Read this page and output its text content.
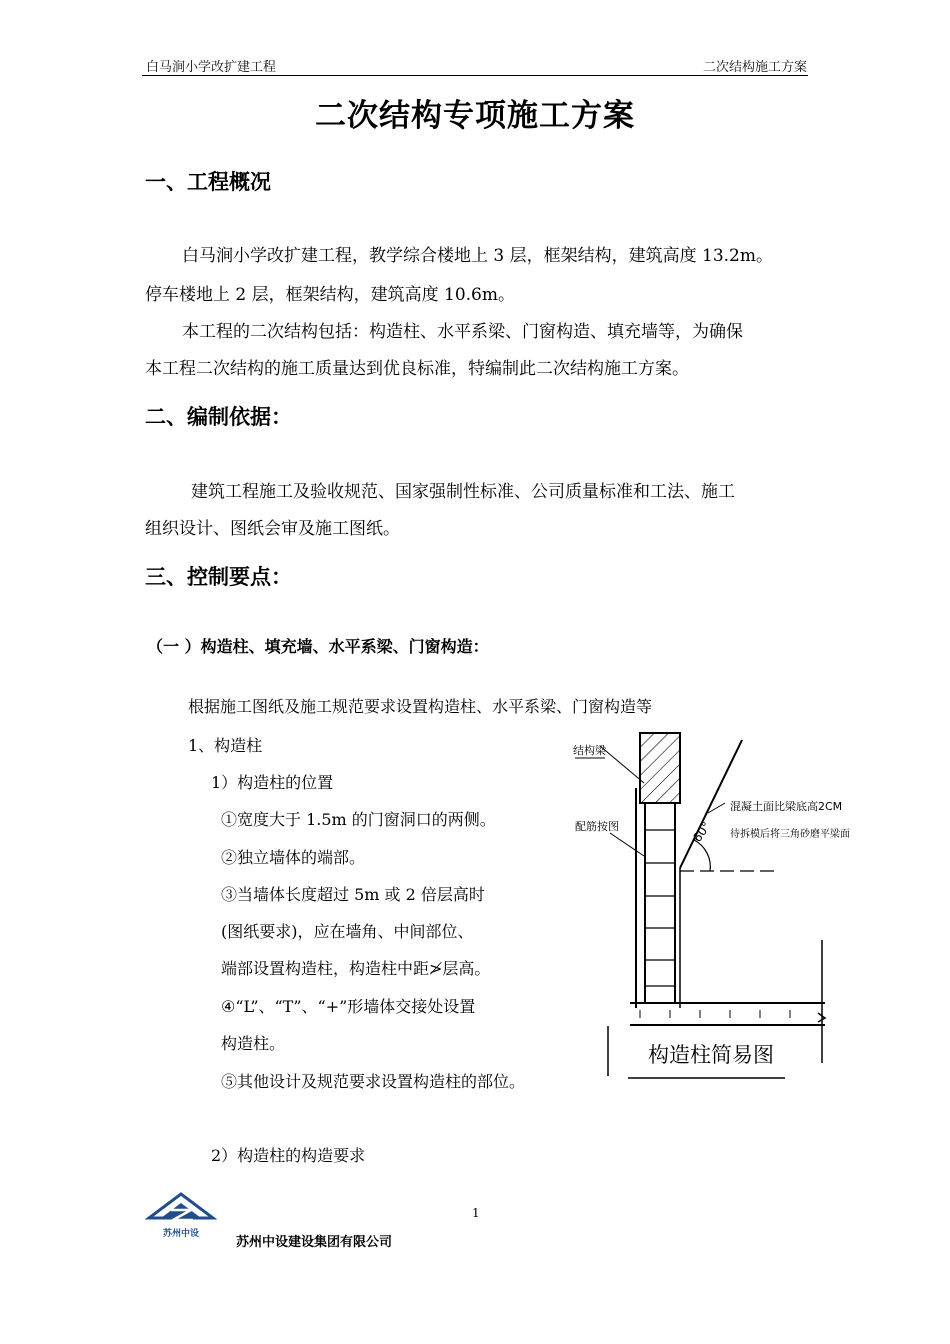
白马涧小学改扩建工程	二次结构施工方案
二次结构专项施工方案
一、工程概况
白马涧小学改扩建工程，教学综合楼地上 3 层，框架结构，建筑高度 13.2m。
停车楼地上 2 层，框架结构，建筑高度 10.6m。
本工程的二次结构包括：构造柱、水平系梁、门窗构造、填充墙等，为确保
本工程二次结构的施工质量达到优良标准，特编制此二次结构施工方案。
二、编制依据：
建筑工程施工及验收规范、国家强制性标准、公司质量标准和工法、施工
组织设计、图纸会审及施工图纸。
三、控制要点：
（一 ）构造柱、填充墙、水平系梁、门窗构造：
根据施工图纸及施工规范要求设置构造柱、水平系梁、门窗构造等
1、构造柱
1）构造柱的位置
①宽度大于 1.5m 的门窗洞口的两侧。
②独立墙体的端部。
③当墙体长度超过 5m 或 2 倍层高时
(图纸要求)，应在墙角、中间部位、
端部设置构造柱，构造柱中距≯层高。
④“L”、“T”、“+”形墙体交接处设置
构造柱。
⑤其他设计及规范要求设置构造柱的部位。
2）构造柱的构造要求
结构梁
配筋按图
混凝土面比梁底高2CM
待拆模后将三角砂磨平梁面
60°
构造柱简易图
1
苏州中设
苏州中设建设集团有限公司
